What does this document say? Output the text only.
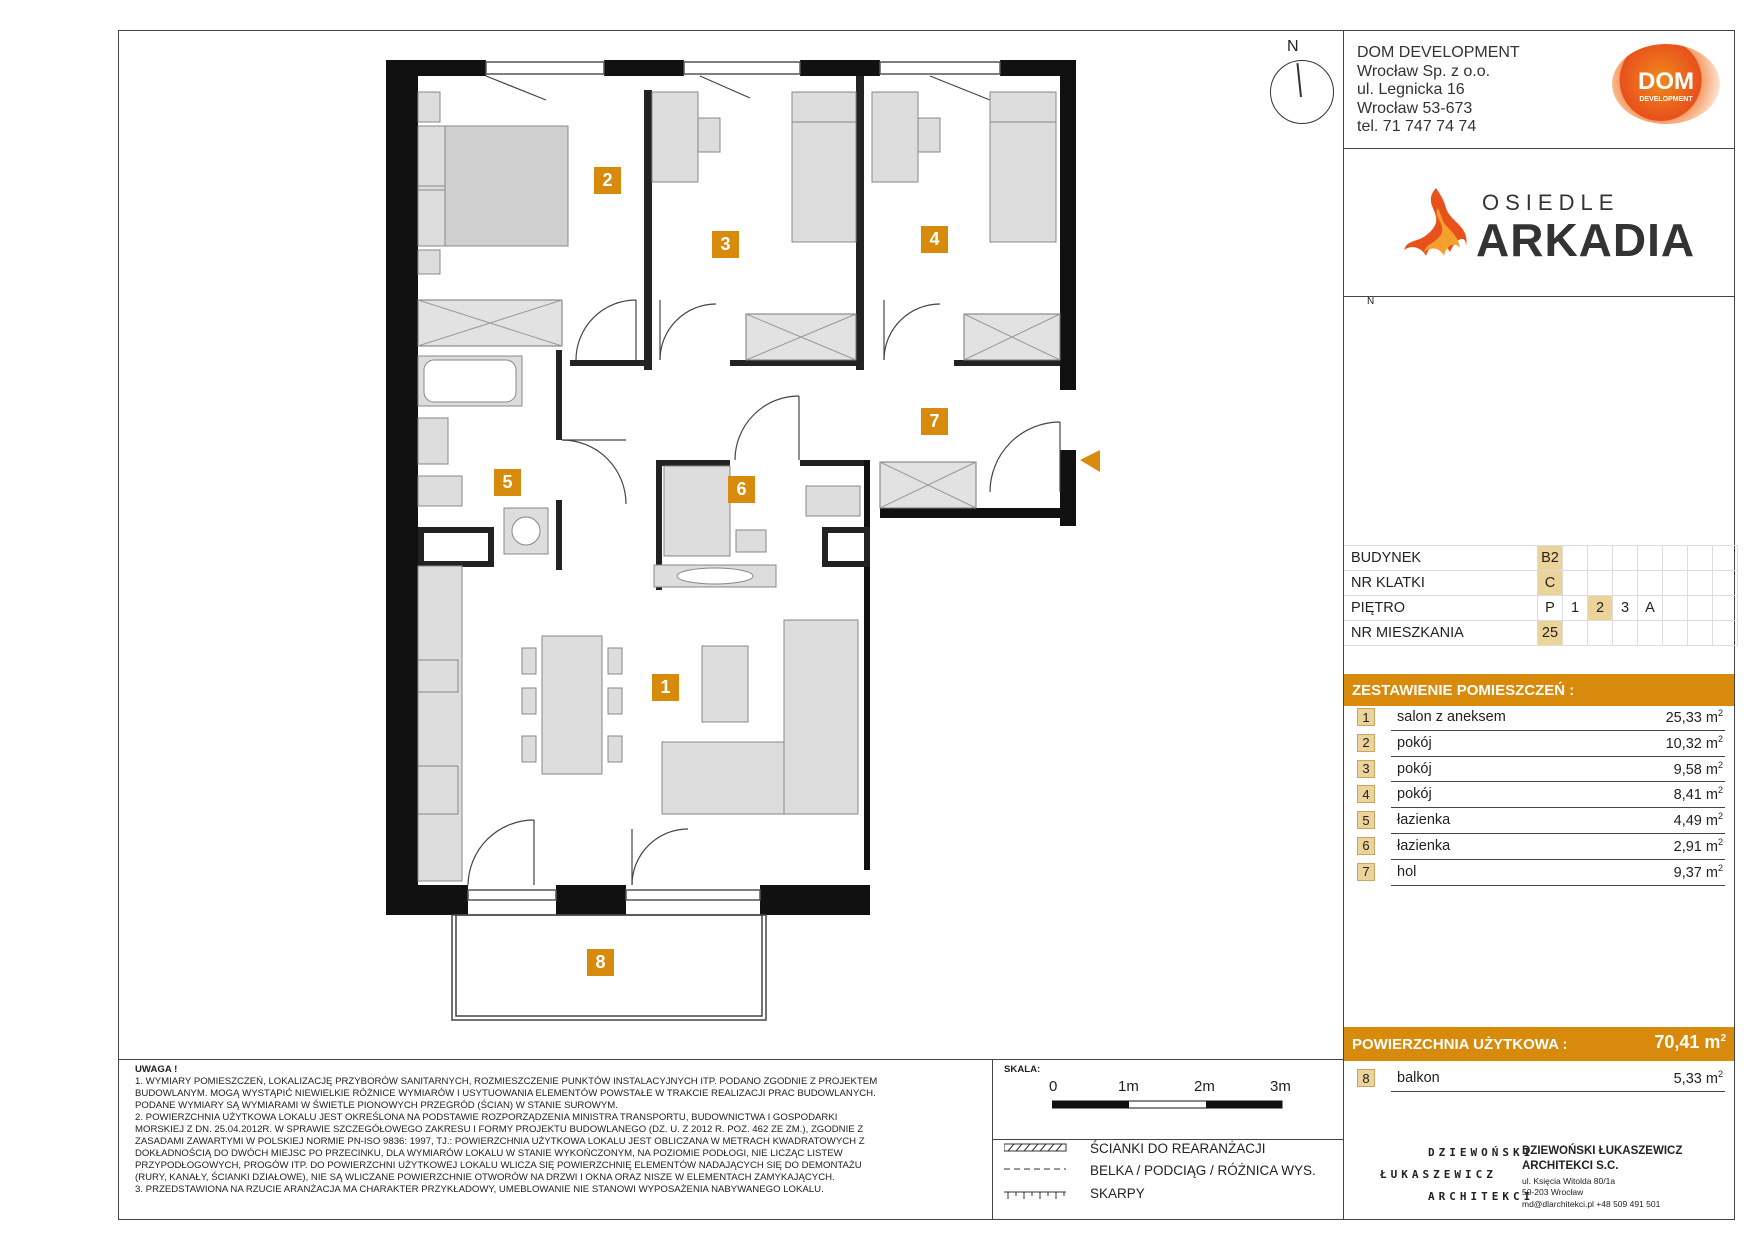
1
2
3	4
5	6
7
8
N	DOM DEVELOPMENT
Wrocław Sp. z o.o.
ul. Legnicka 16
Wrocław 53-673
tel. 71 747 74 74
DOM
DEVELOPMENT
OSIEDLE
ARKADIA
N
BUDYNEK	B2							
NR KLATKI	C							
PIĘTRO	P	1	2	3	A			
NR MIESZKANIA	25							
ZESTAWIENIE POMIESZCZEŃ :
1	salon z aneksem	25,33 $m^2$
2	pokój	10,32 $m^2$
3	pokój	9,58 $m^2$
4	pokój	8,41 $m^2$
5	łazienka	4,49 $m^2$
6	łazienka	2,91 $m^2$
7	hol	9,37 $m^2$
POWIERZCHNIA UŻYTKOWA :	70,41 $m^2$
8	balkon	5,33 $m^2$
UWAGA !
1. WYMIARY POMIESZCZEŃ, LOKALIZACJĘ PRZYBORÓW SANITARNYCH, ROZMIESZCZENIE PUNKTÓW INSTALACYJNYCH ITP. PODANO ZGODNIE Z PROJEKTEM
BUDOWLANYM. MOGĄ WYSTĄPIĆ NIEWIELKIE RÓŻNICE WYMIARÓW I USYTUOWANIA ELEMENTÓW POWSTAŁE W TRAKCIE REALIZACJI PRAC BUDOWLANYCH.
PODANE WYMIARY SĄ WYMIARAMI W ŚWIETLE PIONOWYCH PRZEGRÓD (ŚCIAN) W STANIE SUROWYM.
2. POWIERZCHNIA UŻYTKOWA LOKALU JEST OKREŚLONA NA PODSTAWIE ROZPORZĄDZENIA MINISTRA TRANSPORTU, BUDOWNICTWA I GOSPODARKI
MORSKIEJ Z DN. 25.04.2012R. W SPRAWIE SZCZEGÓŁOWEGO ZAKRESU I FORMY PROJEKTU BUDOWLANEGO (DZ. U. Z 2012 R. POZ. 462 ZE ZM.), ZGODNIE Z
ZASADAMI ZAWARTYMI W POLSKIEJ NORMIE PN-ISO 9836: 1997, TJ.: POWIERZCHNIA UŻYTKOWA LOKALU JEST OBLICZANA W METRACH KWADRATOWYCH Z
DOKŁADNOŚCIĄ DO DWÓCH MIEJSC PO PRZECINKU, DLA WYMIARÓW LOKALU W STANIE WYKOŃCZONYM, NA POZIOMIE PODŁOGI, NIE LICZĄC LISTEW
PRZYPODŁOGOWYCH, PROGÓW ITP. DO POWIERZCHNI UŻYTKOWEJ LOKALU WLICZA SIĘ POWIERZCHNIĘ ELEMENTÓW NADAJĄCYCH SIĘ DO DEMONTAŻU
(RURY, KANAŁY, ŚCIANKI DZIAŁOWE), NIE SĄ WLICZANE POWIERZCHNIE OTWORÓW NA DRZWI I OKNA ORAZ NISZE W ELEMENTACH ZAMYKAJĄCYCH.
3. PRZEDSTAWIONA NA RZUCIE ARANŻACJA MA CHARAKTER PRZYKŁADOWY, UMEBLOWANIE NIE STANOWI WYPOSAŻENIA NABYWANEGO LOKALU.
SKALA:
0	1m	2m	3m
ŚCIANKI DO REARANŻACJI
BELKA / PODCIĄG / RÓŻNICA WYS.
SKARPY
DZIEWOŃSKI
ŁUKASZEWICZ
ARCHITEKCI
DZIEWOŃSKI ŁUKASZEWICZ
ARCHITEKCI S.C.
ul. Księcia Witolda 80/1a
50-203 Wrocław
md@dlarchitekci.pl +48 509 491 501
